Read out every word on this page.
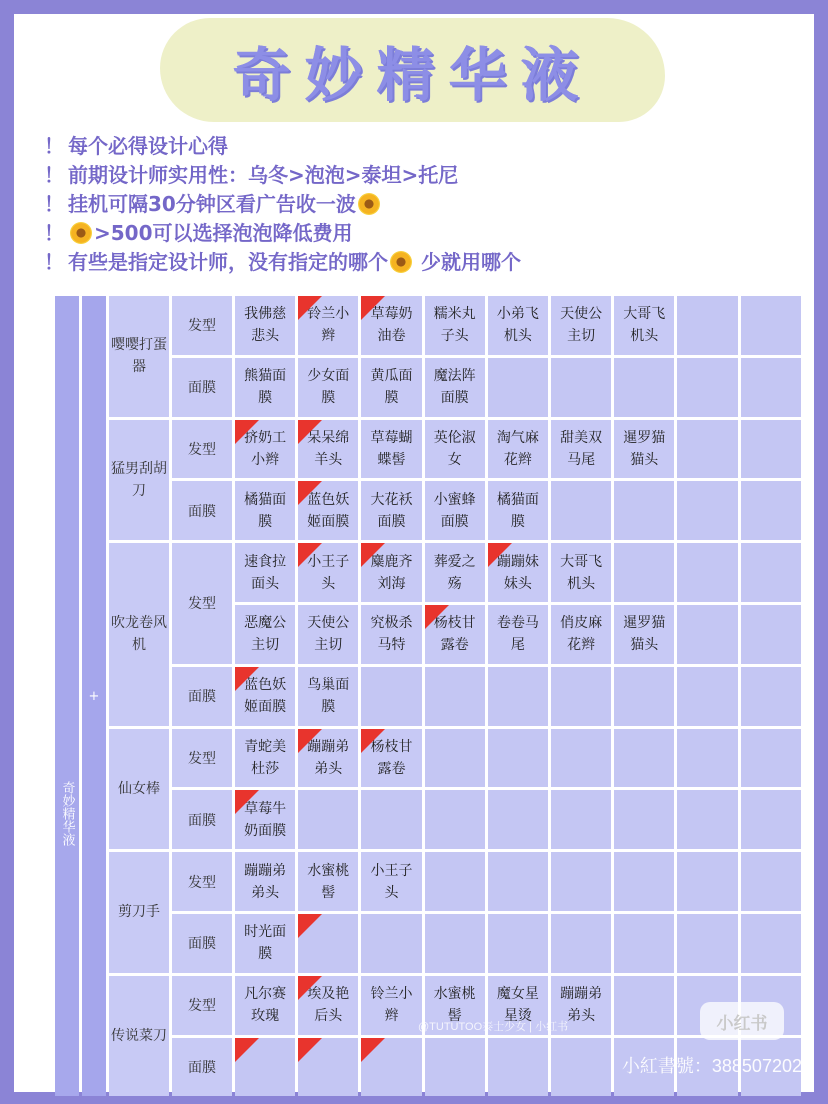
奇妙精华液
！ 每个必得设计心得
！ 前期设计师实用性：乌冬>泡泡>泰坦>托尼
！ 挂机可隔30分钟区看广告收一波
！ >500可以选择泡泡降低费用
！ 有些是指定设计师，没有指定的哪个 少就用哪个
奇妙精华液
+
嘤嘤打蛋器
发型
我佛慈悲头
铃兰小辫
草莓奶油卷
糯米丸子头
小弟飞机头
天使公主切
大哥飞机头
面膜
熊猫面膜
少女面膜
黄瓜面膜
魔法阵面膜
猛男刮胡刀
发型
挤奶工小辫
呆呆绵羊头
草莓蝴蝶髻
英伦淑女
淘气麻花辫
甜美双马尾
暹罗猫猫头
面膜
橘猫面膜
蓝色妖姬面膜
大花袄面膜
小蜜蜂面膜
橘猫面膜
吹龙卷风机
发型
速食拉面头
小王子头
麋鹿齐刘海
葬爱之殇
蹦蹦妹妹头
大哥飞机头
恶魔公主切
天使公主切
究极杀马特
杨枝甘露卷
卷卷马尾
俏皮麻花辫
暹罗猫猫头
面膜
蓝色妖姬面膜
鸟巢面膜
仙女棒
发型
青蛇美杜莎
蹦蹦弟弟头
杨枝甘露卷
面膜
草莓牛奶面膜
剪刀手
发型
蹦蹦弟弟头
水蜜桃髻
小王子头
面膜
时光面膜
传说菜刀
发型
凡尔赛玫瑰
埃及艳后头
铃兰小辫
水蜜桃髻
魔女星星烫
蹦蹦弟弟头
面膜
@TUTUTOO泰士少女 | 小红书	小红书
小紅書號：388507202
